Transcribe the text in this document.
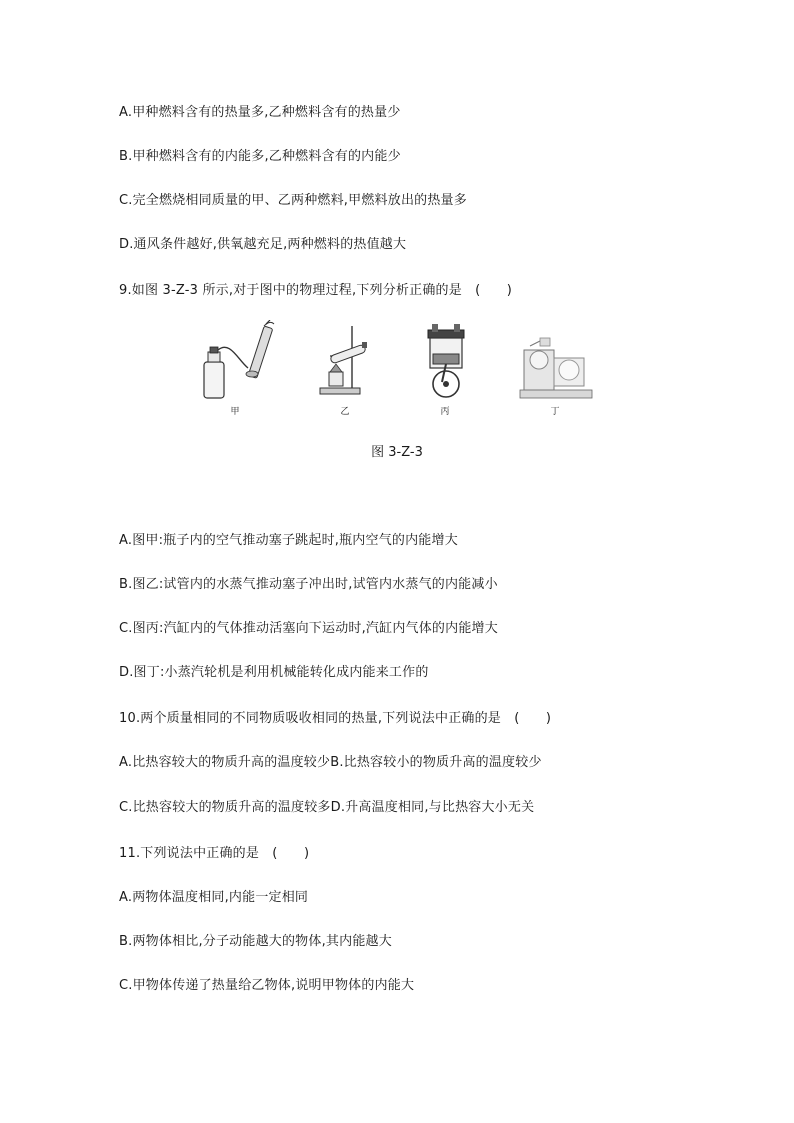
A.甲种燃料含有的热量多,乙种燃料含有的热量少
B.甲种燃料含有的内能多,乙种燃料含有的内能少
C.完全燃烧相同质量的甲、乙两种燃料,甲燃料放出的热量多
D.通风条件越好,供氧越充足,两种燃料的热值越大
9.如图 3-Z-3 所示,对于图中的物理过程,下列分析正确的是　(　　)
甲	乙	丙	丁
图 3-Z-3
A.图甲:瓶子内的空气推动塞子跳起时,瓶内空气的内能增大
B.图乙:试管内的水蒸气推动塞子冲出时,试管内水蒸气的内能减小
C.图丙:汽缸内的气体推动活塞向下运动时,汽缸内气体的内能增大
D.图丁:小蒸汽轮机是利用机械能转化成内能来工作的
10.两个质量相同的不同物质吸收相同的热量,下列说法中正确的是　(　　)
A.比热容较大的物质升高的温度较少B.比热容较小的物质升高的温度较少
C.比热容较大的物质升高的温度较多D.升高温度相同,与比热容大小无关
11.下列说法中正确的是　(　　)
A.两物体温度相同,内能一定相同
B.两物体相比,分子动能越大的物体,其内能越大
C.甲物体传递了热量给乙物体,说明甲物体的内能大
